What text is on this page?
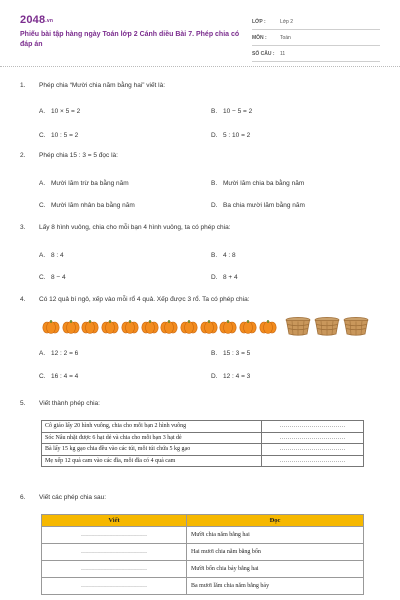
2048.vn
Phiếu bài tập hàng ngày Toán lớp 2 Cánh diều Bài 7. Phép chia có đáp án
LỚP :	Lớp 2
MÔN :	Toán
SỐ CÂU :	11
1.	Phép chia “Mười chia năm bằng hai” viết là:
A. 10 × 5 = 2	B. 10 − 5 = 2
C. 10 : 5 = 2	D. 5 : 10 = 2
2.	Phép chia 15 : 3 = 5 đọc là:
A. Mười lăm trừ ba bằng năm	B. Mười lăm chia ba bằng năm
C. Mười lăm nhân ba bằng năm	D. Ba chia mười lăm bằng năm
3.	Lấy 8 hình vuông, chia cho mỗi bạn 4 hình vuông, ta có phép chia:
A. 8 : 4	B. 4 : 8
C. 8 − 4	D. 8 + 4
4.	Có 12 quả bí ngô, xếp vào mỗi rổ 4 quả. Xếp được 3 rổ. Ta có phép chia:
A. 12 : 2 = 6	B. 15 : 3 = 5
C. 16 : 4 = 4	D. 12 : 4 = 3
5.	Viết thành phép chia:
Cô giáo lấy 20 hình vuông, chia cho mỗi bạn 2 hình vuông	……………………………
Sóc Nâu nhặt được 6 hạt dẻ và chia cho mỗi bạn 3 hạt dẻ	……………………………
Bà lấy 15 kg gạo chia đều vào các túi, mỗi túi chứa 5 kg gạo	……………………………
Mẹ xếp 12 quả cam vào các đĩa, mỗi đĩa có 4 quả cam	……………………………
6.	Viết các phép chia sau:
Viết	Đọc
……………………………	Mười chia năm bằng hai
……………………………	Hai mươi chia năm bằng bốn
……………………………	Mười bốn chia bảy bằng hai
……………………………	Ba mươi lăm chia năm bằng bảy
